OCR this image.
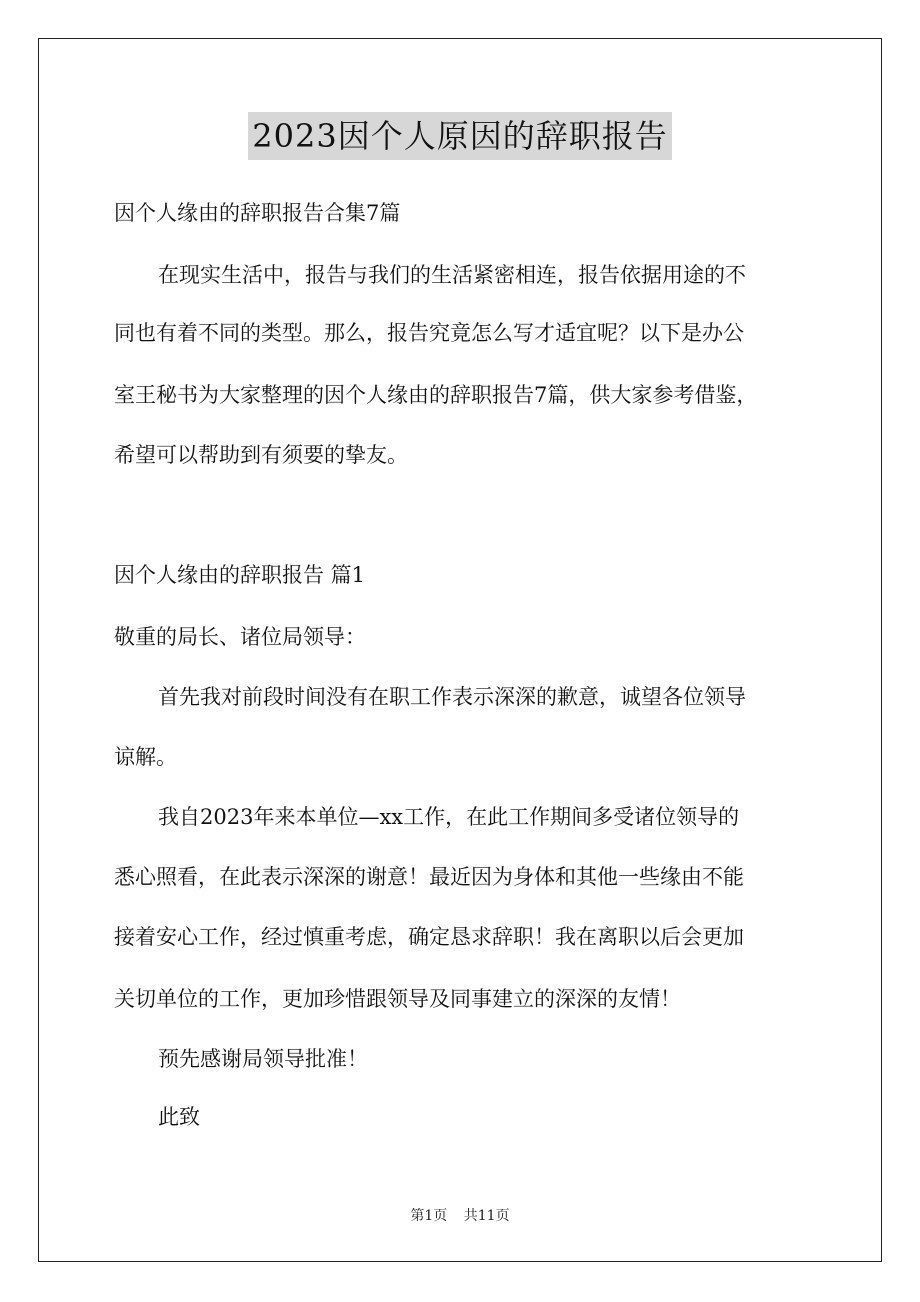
2023因个人原因的辞职报告
因个人缘由的辞职报告合集7篇
在现实生活中，报告与我们的生活紧密相连，报告依据用途的不
同也有着不同的类型。那么，报告究竟怎么写才适宜呢？以下是办公
室王秘书为大家整理的因个人缘由的辞职报告7篇，供大家参考借鉴，
希望可以帮助到有须要的挚友。
因个人缘由的辞职报告 篇1
敬重的局长、诸位局领导：
首先我对前段时间没有在职工作表示深深的歉意，诚望各位领导
谅解。
我自2023年来本单位—xx工作，在此工作期间多受诸位领导的
悉心照看，在此表示深深的谢意！最近因为身体和其他一些缘由不能
接着安心工作，经过慎重考虑，确定恳求辞职！我在离职以后会更加
关切单位的工作，更加珍惜跟领导及同事建立的深深的友情！
预先感谢局领导批准！
此致
第1页 共11页
